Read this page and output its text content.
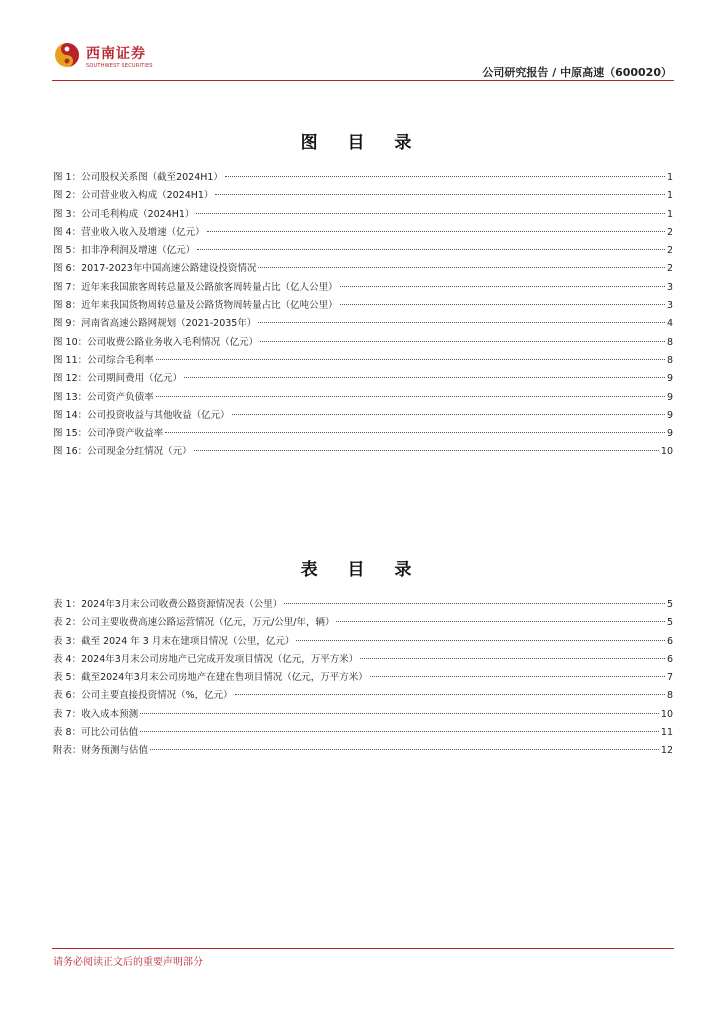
西南证券
SOUTHWEST SECURITIES	公司研究报告 / 中原高速（600020）
图 目 录
图 1：公司股权关系图（截至2024H1）	1
图 2：公司营业收入构成（2024H1）	1
图 3：公司毛利构成（2024H1）	1
图 4：营业收入收入及增速（亿元）	2
图 5：扣非净利润及增速（亿元）	2
图 6：2017-2023年中国高速公路建设投资情况	2
图 7：近年来我国旅客周转总量及公路旅客周转量占比（亿人公里）	3
图 8：近年来我国货物周转总量及公路货物周转量占比（亿吨公里）	3
图 9：河南省高速公路网规划（2021-2035年）	4
图 10：公司收费公路业务收入毛利情况（亿元）	8
图 11：公司综合毛利率	8
图 12：公司期间费用（亿元）	9
图 13：公司资产负债率	9
图 14：公司投资收益与其他收益（亿元）	9
图 15：公司净资产收益率	9
图 16：公司现金分红情况（元）	10
表 目 录
表 1：2024年3月末公司收费公路资源情况表（公里）	5
表 2：公司主要收费高速公路运营情况（亿元，万元/公里/年，辆）	5
表 3：截至 2024 年 3 月末在建项目情况（公里，亿元）	6
表 4：2024年3月末公司房地产已完成开发项目情况（亿元，万平方米）	6
表 5：截至2024年3月末公司房地产在建在售项目情况（亿元，万平方米）	7
表 6：公司主要直接投资情况（%，亿元）	8
表 7：收入成本预测	10
表 8：可比公司估值	11
附表：财务预测与估值	12
请务必阅读正文后的重要声明部分
